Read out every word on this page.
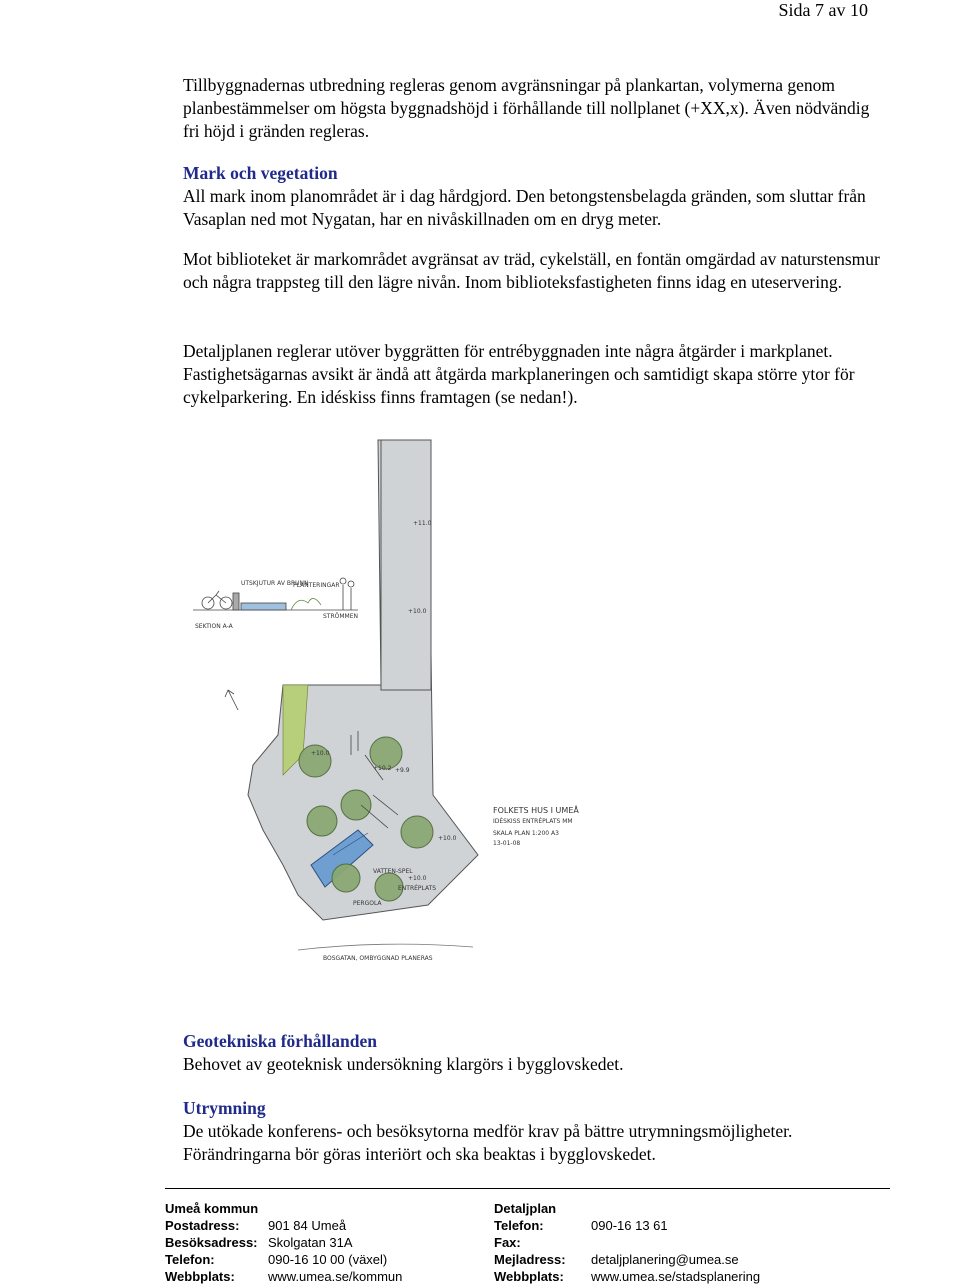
Sida 7 av 10

Tillbyggnadernas utbredning regleras genom avgränsningar på plankartan, volymerna genom planbestämmelser om högsta byggnadshöjd i förhållande till nollplanet (+XX,x). Även nödvändig fri höjd i gränden regleras.

Mark och vegetation

All mark inom planområdet är i dag hårdgjord. Den betongstensbelagda gränden, som sluttar från Vasaplan ned mot Nygatan, har en nivåskillnaden om en dryg meter.

Mot biblioteket är markområdet avgränsat av träd, cykelställ, en fontän omgärdad av naturstensmur och några trappsteg till den lägre nivån. Inom biblioteksfastigheten finns idag en uteservering.

Detaljplanen reglerar utöver byggrätten för entrébyggnaden inte några åtgärder i markplanet. Fastighetsägarnas avsikt är ändå att åtgärda markplaneringen och samtidigt skapa större ytor för cykelparkering. En idéskiss finns framtagen (se nedan!).

SEKTION A-A
UTSKJUTUR AV BRUNN
PLANTERINGAR
STRÖMMEN
+11.0
+10.0
+10.0
+10.2 +9.9
+10.0
+10.0
ENTRÉPLATS
VATTEN-SPEL
PERGOLA
FOLKETS HUS I UMEÅ
IDÉSKISS ENTRÉPLATS MM
SKALA PLAN 1:200 A3
13-01-08
BOSGATAN, OMBYGGNAD PLANERAS

Geotekniska förhållanden

Behovet av geoteknisk undersökning klargörs i bygglovskedet.

Utrymning

De utökade konferens- och besöksytorna medför krav på bättre utrymningsmöjligheter. Förändringarna bör göras interiört och ska beaktas i bygglovskedet.

Umeå kommun
Postadress: 901 84 Umeå
Besöksadress: Skolgatan 31A
Telefon:	090-16 10 00 (växel)
Webbplats:	www.umea.se/kommun
Detaljplan
Telefon:	090-16 13 61
Fax:
Mejladress: detaljplanering@umea.se
Webbplats: www.umea.se/stadsplanering
